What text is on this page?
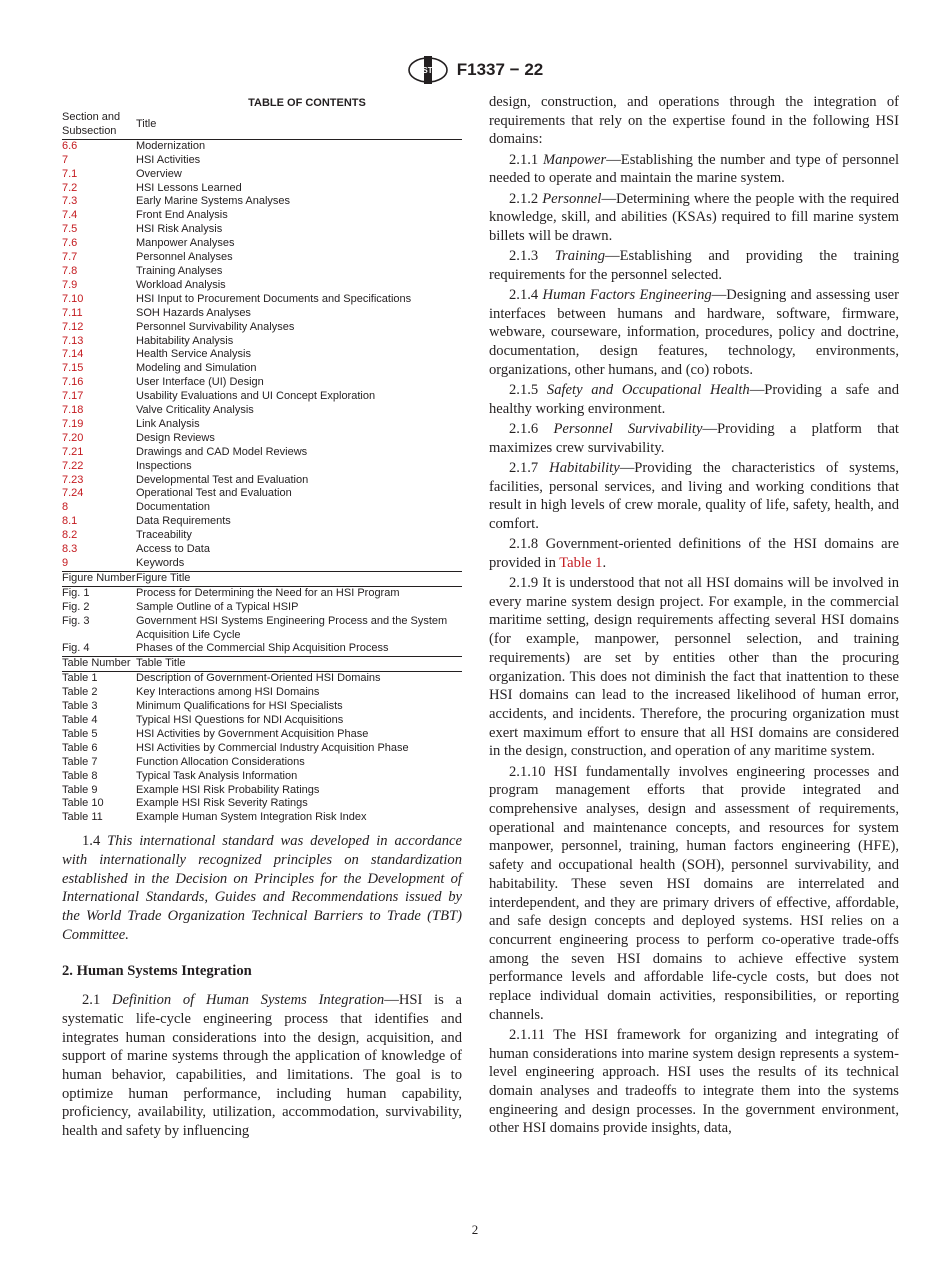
ASTM F1337 − 22
TABLE OF CONTENTS
Section and Subsection	Title
6.6	Modernization
7	HSI Activities
7.1	Overview
7.2	HSI Lessons Learned
7.3	Early Marine Systems Analyses
7.4	Front End Analysis
7.5	HSI Risk Analysis
7.6	Manpower Analyses
7.7	Personnel Analyses
7.8	Training Analyses
7.9	Workload Analysis
7.10	HSI Input to Procurement Documents and Specifications
7.11	SOH Hazards Analyses
7.12	Personnel Survivability Analyses
7.13	Habitability Analysis
7.14	Health Service Analysis
7.15	Modeling and Simulation
7.16	User Interface (UI) Design
7.17	Usability Evaluations and UI Concept Exploration
7.18	Valve Criticality Analysis
7.19	Link Analysis
7.20	Design Reviews
7.21	Drawings and CAD Model Reviews
7.22	Inspections
7.23	Developmental Test and Evaluation
7.24	Operational Test and Evaluation
8	Documentation
8.1	Data Requirements
8.2	Traceability
8.3	Access to Data
9	Keywords
Figure Number	Figure Title
Fig. 1	Process for Determining the Need for an HSI Program
Fig. 2	Sample Outline of a Typical HSIP
Fig. 3	Government HSI Systems Engineering Process and the System Acquisition Life Cycle
Fig. 4	Phases of the Commercial Ship Acquisition Process
Table Number	Table Title
Table 1	Description of Government-Oriented HSI Domains
Table 2	Key Interactions among HSI Domains
Table 3	Minimum Qualifications for HSI Specialists
Table 4	Typical HSI Questions for NDI Acquisitions
Table 5	HSI Activities by Government Acquisition Phase
Table 6	HSI Activities by Commercial Industry Acquisition Phase
Table 7	Function Allocation Considerations
Table 8	Typical Task Analysis Information
Table 9	Example HSI Risk Probability Ratings
Table 10	Example HSI Risk Severity Ratings
Table 11	Example Human System Integration Risk Index

1.4 This international standard was developed in accordance with internationally recognized principles on standardization established in the Decision on Principles for the Development of International Standards, Guides and Recommendations issued by the World Trade Organization Technical Barriers to Trade (TBT) Committee.

2. Human Systems Integration

2.1 Definition of Human Systems Integration—HSI is a systematic life-cycle engineering process that identifies and integrates human considerations into the design, acquisition, and support of marine systems through the application of knowledge of human behavior, capabilities, and limitations. The goal is to optimize human performance, including human capability, proficiency, availability, utilization, accommodation, survivability, health and safety by influencing

design, construction, and operations through the integration of requirements that rely on the expertise found in the following HSI domains:

2.1.1 Manpower—Establishing the number and type of personnel needed to operate and maintain the marine system.

2.1.2 Personnel—Determining where the people with the required knowledge, skill, and abilities (KSAs) required to fill marine system billets will be drawn.

2.1.3 Training—Establishing and providing the training requirements for the personnel selected.

2.1.4 Human Factors Engineering—Designing and assessing user interfaces between humans and hardware, software, firmware, webware, courseware, information, procedures, policy and doctrine, documentation, design features, technology, environments, organizations, other humans, and (co) robots.

2.1.5 Safety and Occupational Health—Providing a safe and healthy working environment.

2.1.6 Personnel Survivability—Providing a platform that maximizes crew survivability.

2.1.7 Habitability—Providing the characteristics of systems, facilities, personal services, and living and working conditions that result in high levels of crew morale, quality of life, safety, health, and comfort.

2.1.8 Government-oriented definitions of the HSI domains are provided in Table 1.

2.1.9 It is understood that not all HSI domains will be involved in every marine system design project. For example, in the commercial maritime setting, design requirements affecting several HSI domains (for example, manpower, personnel selection, and training requirements) are set by entities other than the procuring organization. This does not diminish the fact that inattention to these HSI domains can lead to the increased likelihood of human error, accidents, and incidents. Therefore, the procuring organization must exert maximum effort to ensure that all HSI domains are considered in the design, construction, and operation of any maritime system.

2.1.10 HSI fundamentally involves engineering processes and program management efforts that provide integrated and comprehensive analyses, design and assessment of requirements, operational and maintenance concepts, and resources for system manpower, personnel, training, human factors engineering (HFE), safety and occupational health (SOH), personnel survivability, and habitability. These seven HSI domains are interrelated and interdependent, and they are primary drivers of effective, affordable, and safe design concepts and deployed systems. HSI relies on a concurrent engineering process to perform co-operative trade-offs among the seven HSI domains to achieve effective system performance levels and affordable life-cycle costs, but does not replace individual domain activities, responsibilities, or reporting channels.

2.1.11 The HSI framework for organizing and integrating of human considerations into marine system design represents a system-level engineering approach. HSI uses the results of its technical domain analyses and tradeoffs to integrate them into the systems engineering and design processes. In the government environment, other HSI domains provide insights, data,

2
